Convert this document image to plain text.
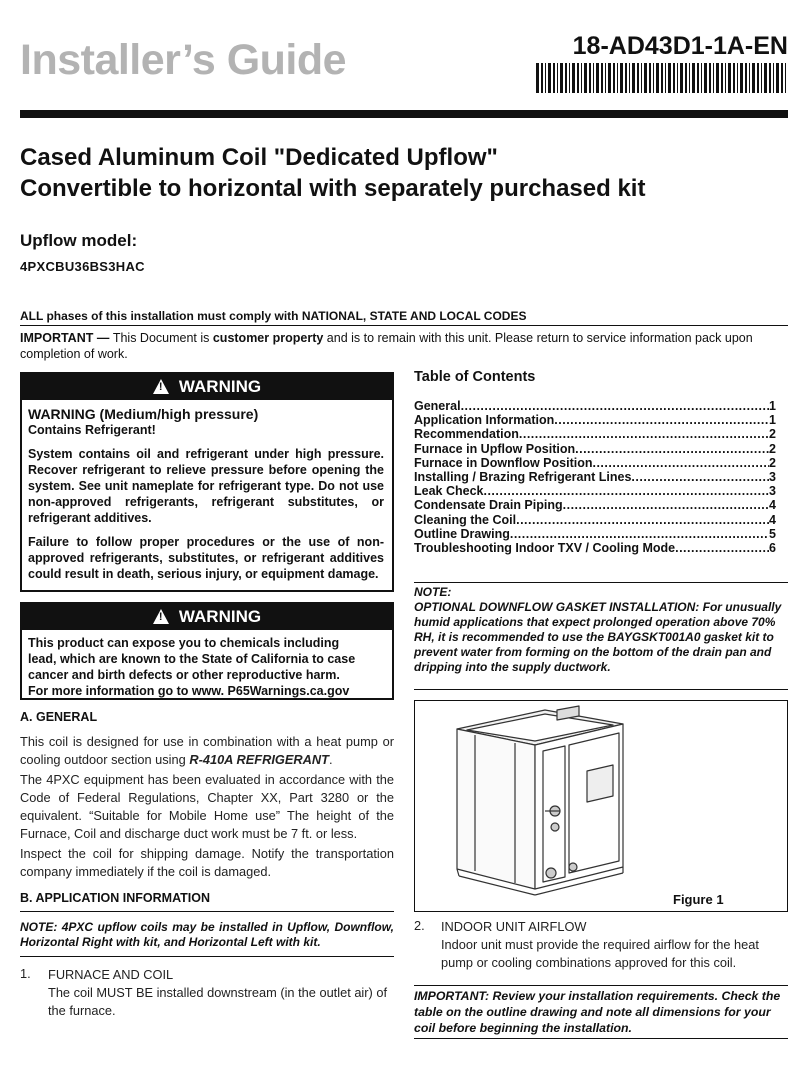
Installer’s Guide	18-AD43D1-1A-EN
Cased Aluminum Coil "Dedicated Upflow"
Convertible to horizontal with separately purchased kit
Upflow model:
4PXCBU36BS3HAC
ALL phases of this installation must comply with NATIONAL, STATE AND LOCAL CODES
IMPORTANT — This Document is customer property and is to remain with this unit. Please return to service information pack upon completion of work.
! WARNING
WARNING (Medium/high pressure)
Contains Refrigerant!
System contains oil and refrigerant under high pressure. Recover refrigerant to relieve pressure before opening the system. See unit nameplate for refrigerant type. Do not use non-approved refrigerants, refrigerant substitutes, or refrigerant additives.
Failure to follow proper procedures or the use of non-approved refrigerants, substitutes, or refrigerant additives could result in death, serious injury, or equipment damage.
! WARNING
This product can expose you to chemicals including
lead, which are known to the State of California to case
cancer and birth defects or other reproductive harm.
For more information go to www. P65Warnings.ca.gov
A. GENERAL
This coil is designed for use in combination with a heat pump or cooling outdoor section using R-410A REFRIGERANT.
The 4PXC equipment has been evaluated in accordance with the Code of Federal Regulations, Chapter XX, Part 3280 or the equivalent. “Suitable for Mobile Home use” The height of the Furnace, Coil and discharge duct work must be 7 ft. or less.
Inspect the coil for shipping damage. Notify the transportation company immediately if the coil is damaged.
B. APPLICATION INFORMATION
NOTE: 4PXC upflow coils may be installed in Upflow, Downflow, Horizontal Right with kit, and Horizontal Left with kit.
1. FURNACE AND COIL
The coil MUST BE installed downstream (in the outlet air) of the furnace.
Table of Contents
General .....	1
Application Information .....	1
Recommendation .....	2
Furnace in Upflow Position .....	2
Furnace in Downflow Position .....	2
Installing / Brazing Refrigerant Lines .....	3
Leak Check .....	3
Condensate Drain Piping .....	4
Cleaning the Coil .....	4
Outline Drawing .....	5
Troubleshooting Indoor TXV / Cooling Mode .....	6
NOTE:
OPTIONAL DOWNFLOW GASKET INSTALLATION: For unusually humid applications that expect prolonged operation above 70% RH, it is recommended to use the BAYGSKT001A0 gasket kit to prevent water from forming on the bottom of the drain pan and dripping into the supply ductwork.
Figure 1
2. INDOOR UNIT AIRFLOW
Indoor unit must provide the required airflow for the heat pump or cooling combinations approved for this coil.
IMPORTANT: Review your installation requirements. Check the table on the outline drawing and note all dimensions for your coil before beginning the installation.
